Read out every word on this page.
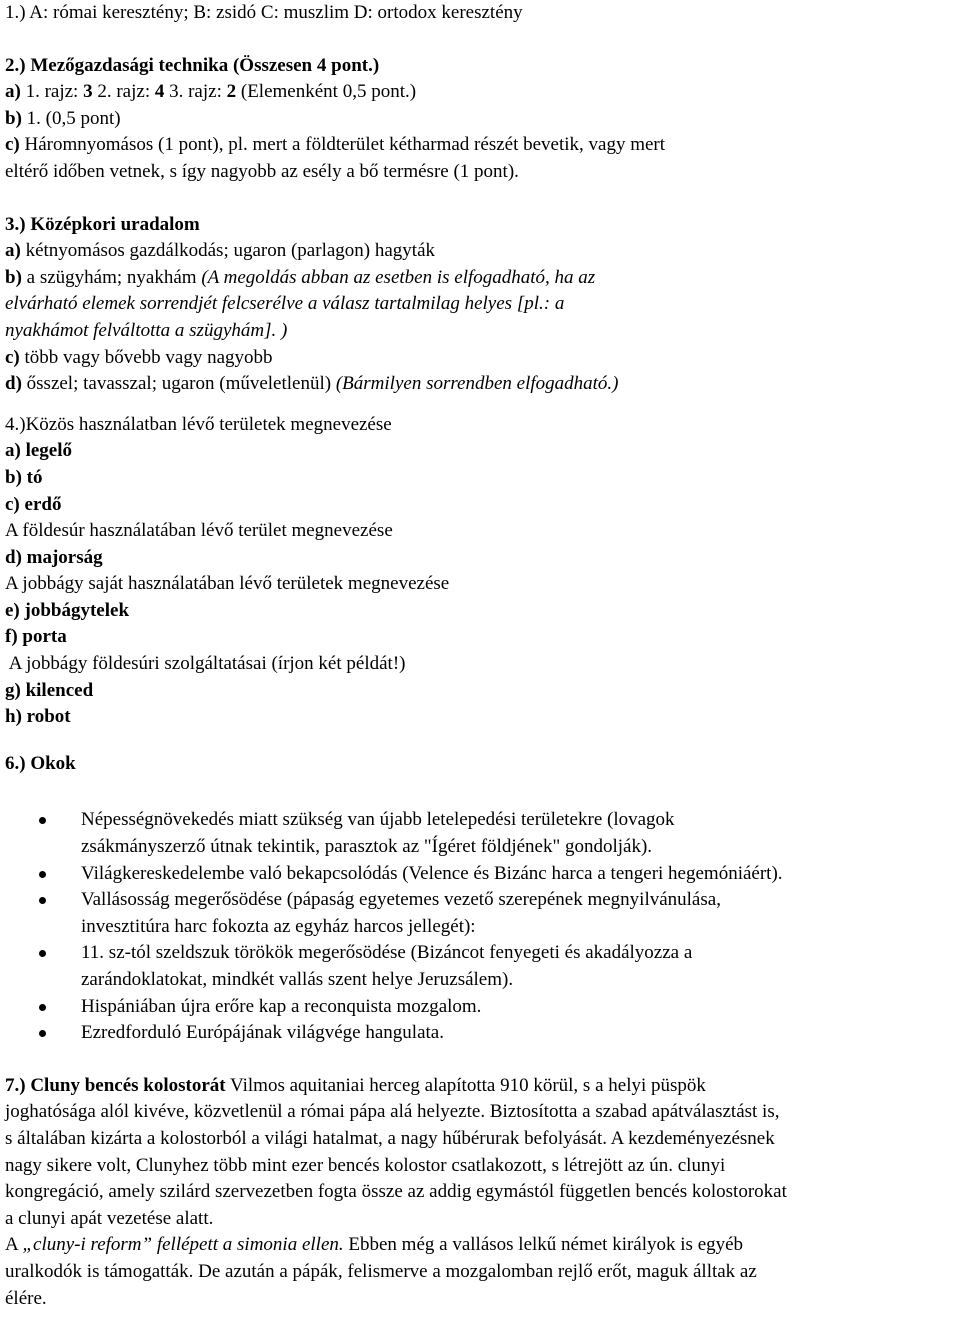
1.) A: római keresztény; B: zsidó C: muszlim D: ortodox keresztény
2.) Mezőgazdasági technika (Összesen 4 pont.)
a) 1. rajz: 3 2. rajz: 4 3. rajz: 2 (Elemenként 0,5 pont.)
b) 1. (0,5 pont)
c) Háromnyomásos (1 pont), pl. mert a földterület kétharmad részét bevetik, vagy mert
eltérő időben vetnek, s így nagyobb az esély a bő termésre (1 pont).
3.) Középkori uradalom
a) kétnyomásos gazdálkodás; ugaron (parlagon) hagyták
b) a szügyhám; nyakhám (A megoldás abban az esetben is elfogadható, ha az
elvárható elemek sorrendjét felcserélve a válasz tartalmilag helyes [pl.: a
nyakhámot felváltotta a szügyhám]. )
c) több vagy bővebb vagy nagyobb
d) ősszel; tavasszal; ugaron (műveletlenül) (Bármilyen sorrendben elfogadható.)
4.)Közös használatban lévő területek megnevezése
a) legelő
b) tó
c) erdő
A földesúr használatában lévő terület megnevezése
d) majorság
A jobbágy saját használatában lévő területek megnevezése
e) jobbágytelek
f) porta
A jobbágy földesúri szolgáltatásai (írjon két példát!)
g) kilenced
h) robot
6.) Okok
Népességnövekedés miatt szükség van újabb letelepedési területekre (lovagok
zsákmányszerző útnak tekintik, parasztok az "Ígéret földjének" gondolják).
Világkereskedelembe való bekapcsolódás (Velence és Bizánc harca a tengeri hegemóniáért).
Vallásosság megerősödése (pápaság egyetemes vezető szerepének megnyilvánulása,
invesztitúra harc fokozta az egyház harcos jellegét):
11. sz-tól szeldszuk törökök megerősödése (Bizáncot fenyegeti és akadályozza a
zarándoklatokat, mindkét vallás szent helye Jeruzsálem).
Hispániában újra erőre kap a reconquista mozgalom.
Ezredforduló Európájának világvége hangulata.
7.) Cluny bencés kolostorát Vilmos aquitaniai herceg alapította 910 körül, s a helyi püspök
joghatósága alól kivéve, közvetlenül a római pápa alá helyezte. Biztosította a szabad apátválasztást is,
s általában kizárta a kolostorból a világi hatalmat, a nagy hűbérurak befolyását. A kezdeményezésnek
nagy sikere volt, Clunyhez több mint ezer bencés kolostor csatlakozott, s létrejött az ún. clunyi
kongregáció, amely szilárd szervezetben fogta össze az addig egymástól független bencés kolostorokat
a clunyi apát vezetése alatt.
A „cluny-i reform” fellépett a simonia ellen. Ebben még a vallásos lelkű német királyok is egyéb
uralkodók is támogatták. De azután a pápák, felismerve a mozgalomban rejlő erőt, maguk álltak az
élére.
